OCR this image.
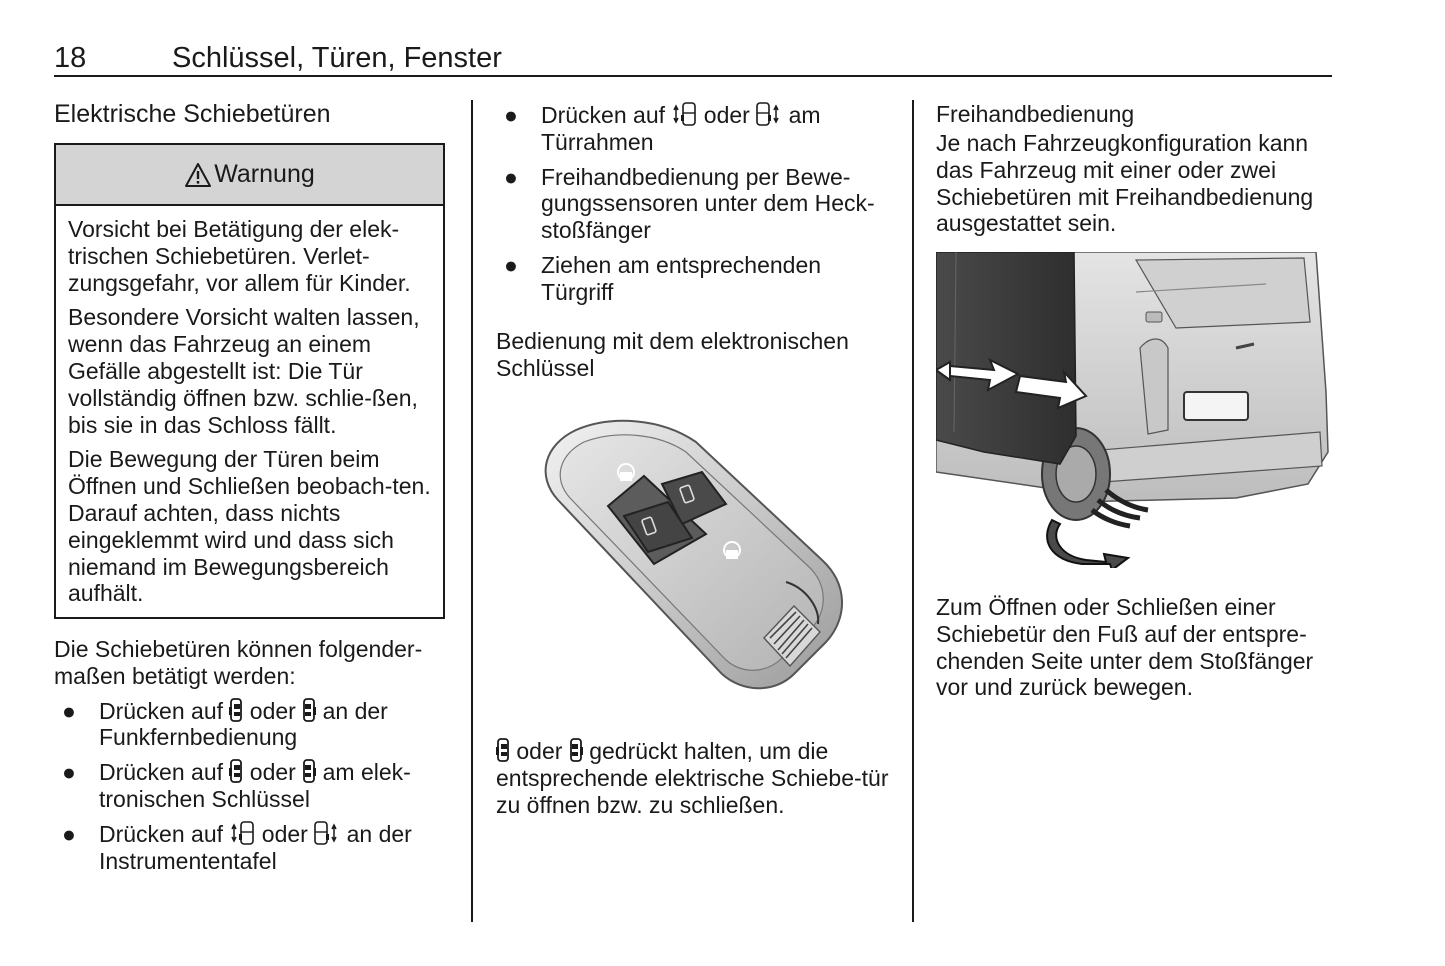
18	Schlüssel, Türen, Fenster
Elektrische Schiebetüren
Warnung

Vorsicht bei Betätigung der elek-trischen Schiebetüren. Verlet-zungsgefahr, vor allem für Kinder.

Besondere Vorsicht walten lassen, wenn das Fahrzeug an einem Gefälle abgestellt ist: Die Tür vollständig öffnen bzw. schlie-ßen, bis sie in das Schloss fällt.

Die Bewegung der Türen beim Öffnen und Schließen beobach-ten. Darauf achten, dass nichts eingeklemmt wird und dass sich niemand im Bewegungsbereich aufhält.

Die Schiebetüren können folgender-maßen betätigt werden:

● Drücken auf oder an der Funkfernbedienung
● Drücken auf oder am elek-tronischen Schlüssel
● Drücken auf oder an der Instrumententafel
● Drücken auf oder am Türrahmen
● Freihandbedienung per Bewe-gungssensoren unter dem Heck-stoßfänger
● Ziehen am entsprechenden Türgriff
Bedienung mit dem elektronischen Schlüssel

oder gedrückt halten, um die entsprechende elektrische Schiebe-tür zu öffnen bzw. zu schließen.

Freihandbedienung
Je nach Fahrzeugkonfiguration kann das Fahrzeug mit einer oder zwei Schiebetüren mit Freihandbedienung ausgestattet sein.
Zum Öffnen oder Schließen einer Schiebetür den Fuß auf der entspre-chenden Seite unter dem Stoßfänger vor und zurück bewegen.
